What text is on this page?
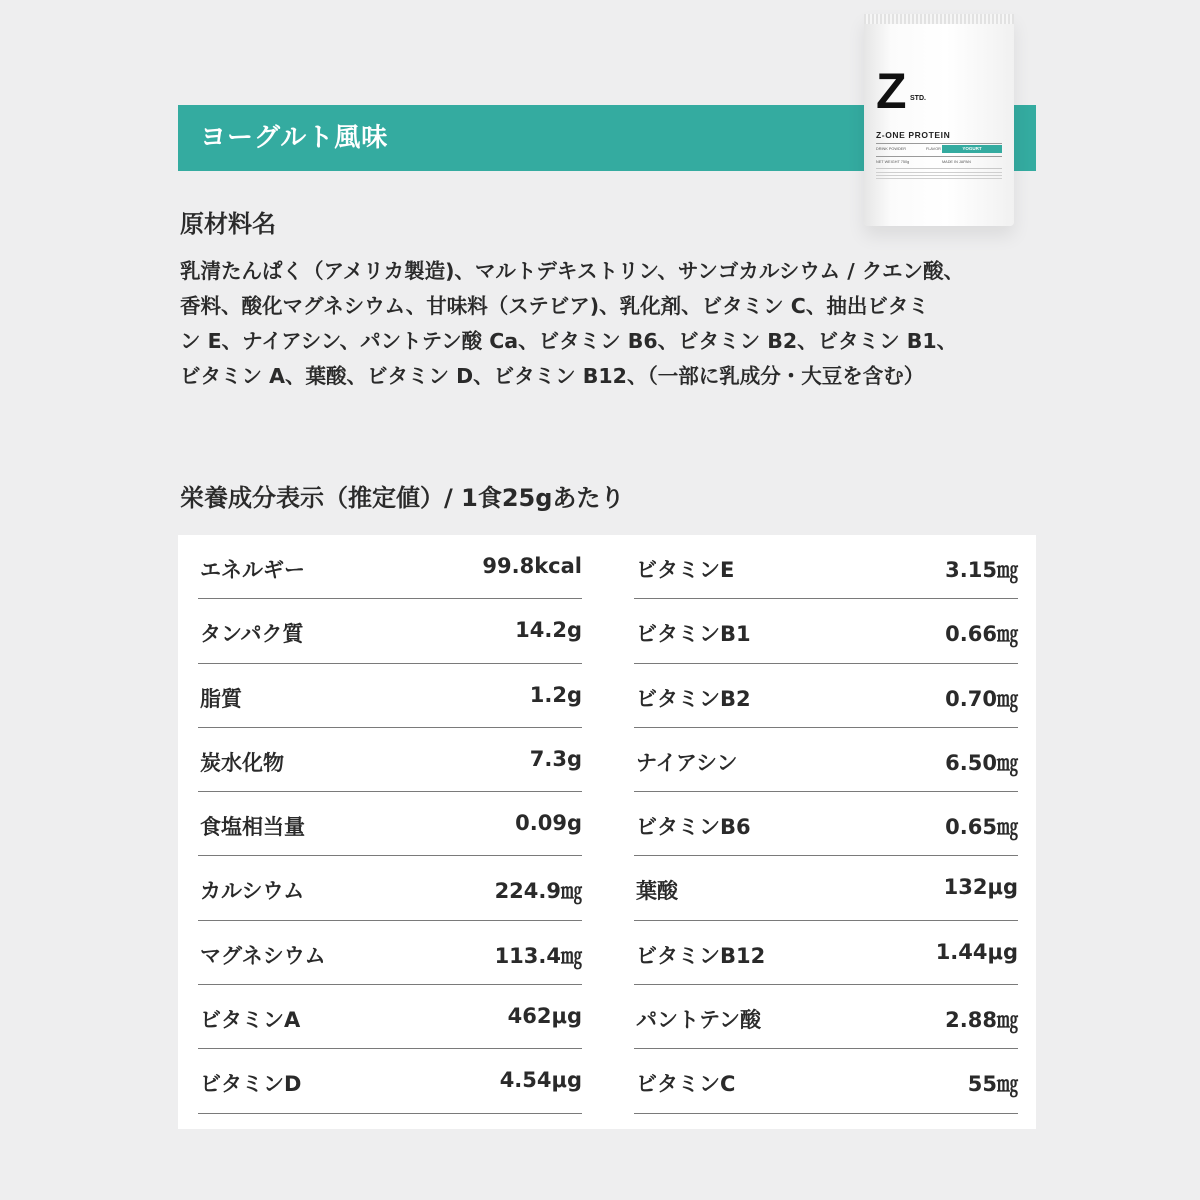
ヨーグルト風味
Z STD.
Z-ONE PROTEIN
DRINK POWDER	FLAVOR	YOGURT
NET WEIGHT 750g	MADE IN JAPAN
原材料名
乳清たんぱく（アメリカ製造)、マルトデキストリン、サンゴカルシウム / クエン酸、
香料、酸化マグネシウム、甘味料（ステビア)、乳化剤、ビタミン C、抽出ビタミ
ン E、ナイアシン、パントテン酸 Ca、ビタミン B6、ビタミン B2、ビタミン B1、
ビタミン A、葉酸、ビタミン D、ビタミン B12、（一部に乳成分・大豆を含む）
栄養成分表示（推定値）/ 1食25gあたり
エネルギー	99.8kcal
タンパク質	14.2g
脂質	1.2g
炭水化物	7.3g
食塩相当量	0.09g
カルシウム	224.9㎎
マグネシウム	113.4㎎
ビタミンA	462μg
ビタミンD	4.54μg
ビタミンE	3.15㎎
ビタミンB1	0.66㎎
ビタミンB2	0.70㎎
ナイアシン	6.50㎎
ビタミンB6	0.65㎎
葉酸	132μg
ビタミンB12	1.44μg
パントテン酸	2.88㎎
ビタミンC	55㎎
